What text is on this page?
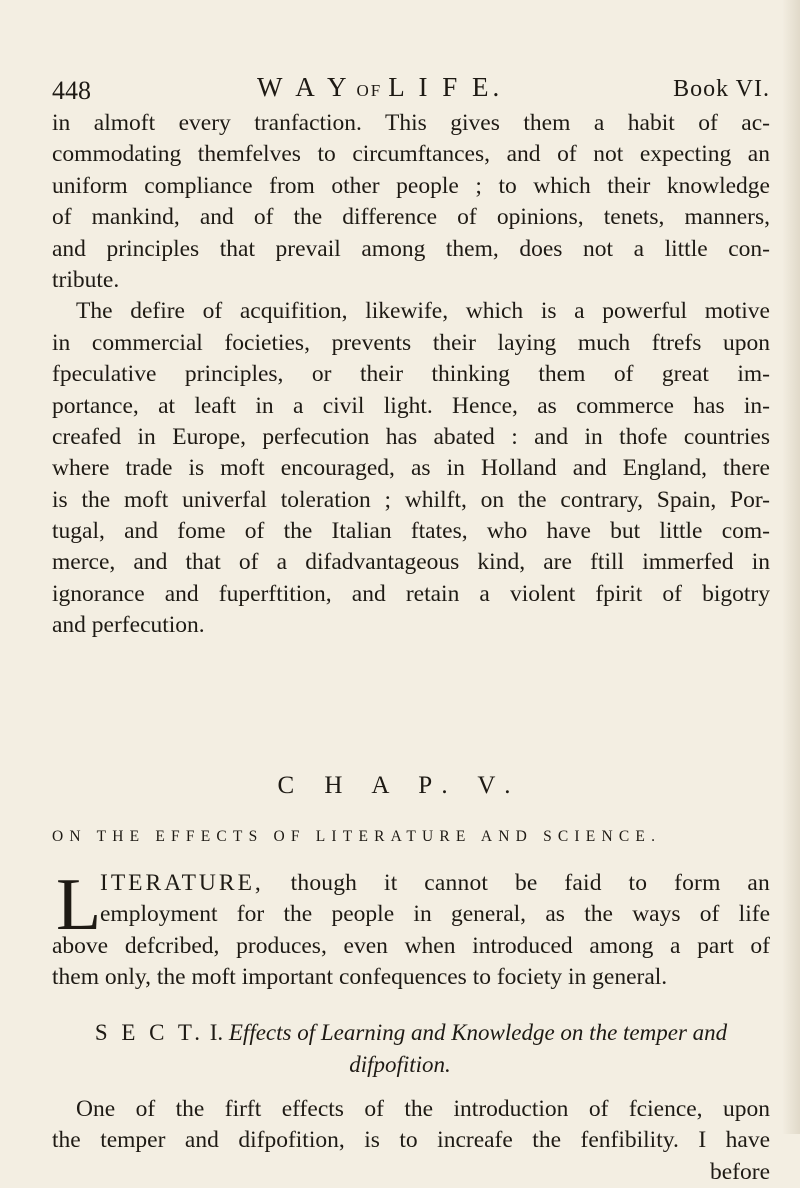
448	W A Y OF L I F E.	Book VI.
in almoft every tranfaction. This gives them a habit of ac-
commodating themfelves to circumftances, and of not expecting an
uniform compliance from other people ; to which their knowledge
of mankind, and of the difference of opinions, tenets, manners,
and principles that prevail among them, does not a little con-
tribute.
The defire of acquifition, likewife, which is a powerful motive
in commercial focieties, prevents their laying much ftrefs upon
fpeculative principles, or their thinking them of great im-
portance, at leaft in a civil light. Hence, as commerce has in-
creafed in Europe, perfecution has abated : and in thofe countries
where trade is moft encouraged, as in Holland and England, there
is the moft univerfal toleration ; whilft, on the contrary, Spain, Por-
tugal, and fome of the Italian ftates, who have but little com-
merce, and that of a difadvantageous kind, are ftill immerfed in
ignorance and fuperftition, and retain a violent fpirit of bigotry
and perfecution.
C H A P. V.
ON THE EFFECTS OF LITERATURE AND SCIENCE.
L
ITERATURE, though it cannot be faid to form an
employment for the people in general, as the ways of life
above defcribed, produces, even when introduced among a part of
them only, the moft important confequences to fociety in general.
S E C T. I. Effects of Learning and Knowledge on the temper and
difpofition.
One of the firft effects of the introduction of fcience, upon
the temper and difpofition, is to increafe the fenfibility. I have
before
